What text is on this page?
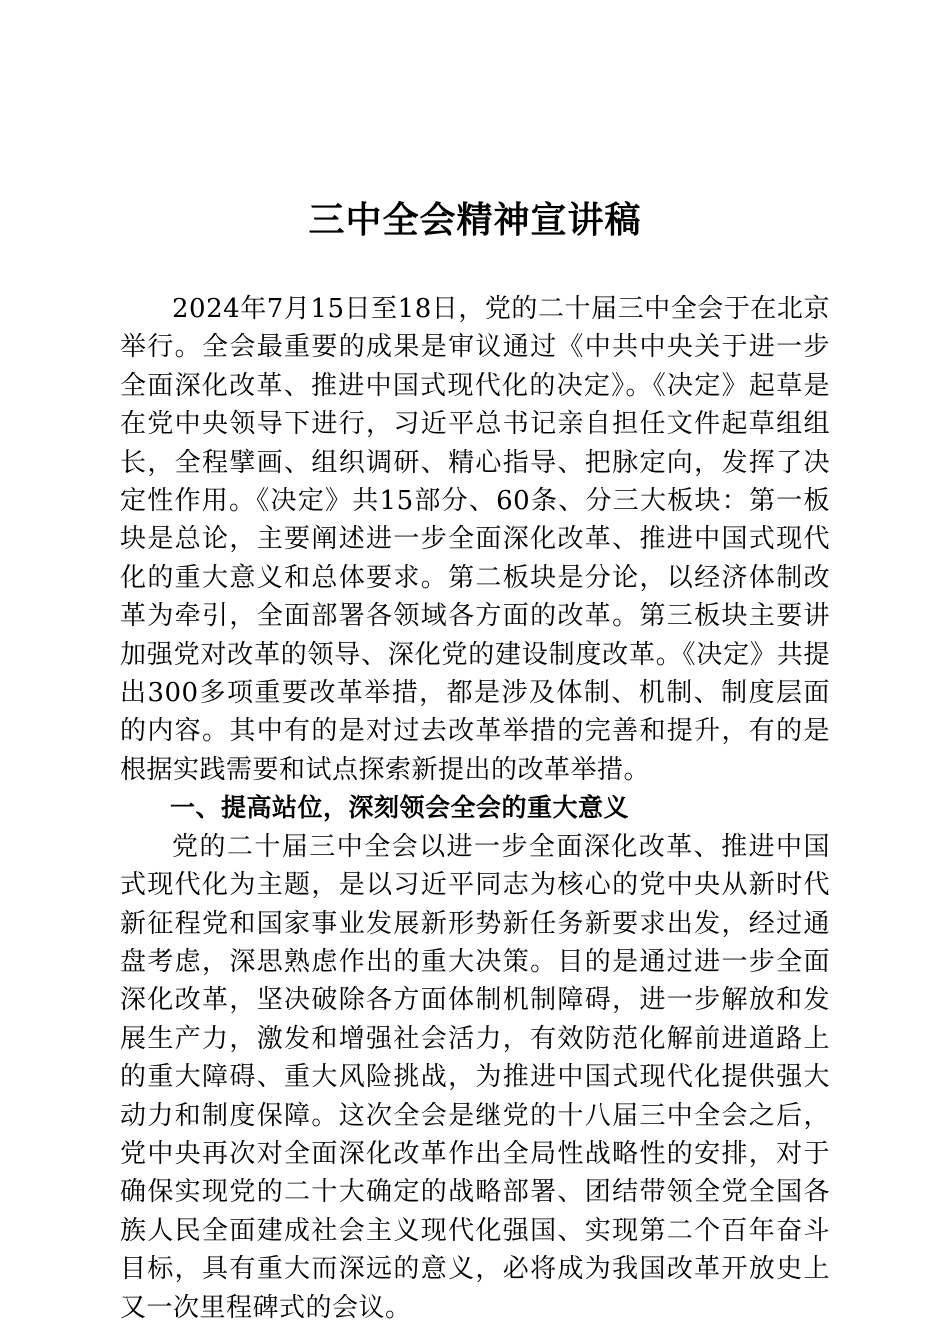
三中全会精神宣讲稿

2024年7月15日至18日，党的二十届三中全会于在北京举行。全会最重要的成果是审议通过《中共中央关于进一步全面深化改革、推进中国式现代化的决定》。《决定》起草是在党中央领导下进行，习近平总书记亲自担任文件起草组组长，全程擘画、组织调研、精心指导、把脉定向，发挥了决定性作用。《决定》共15部分、60条、分三大板块：第一板块是总论，主要阐述进一步全面深化改革、推进中国式现代化的重大意义和总体要求。第二板块是分论，以经济体制改革为牵引，全面部署各领域各方面的改革。第三板块主要讲加强党对改革的领导、深化党的建设制度改革。《决定》共提出300多项重要改革举措，都是涉及体制、机制、制度层面的内容。其中有的是对过去改革举措的完善和提升，有的是根据实践需要和试点探索新提出的改革举措。

一、提高站位，深刻领会全会的重大意义

党的二十届三中全会以进一步全面深化改革、推进中国式现代化为主题，是以习近平同志为核心的党中央从新时代新征程党和国家事业发展新形势新任务新要求出发，经过通盘考虑，深思熟虑作出的重大决策。目的是通过进一步全面深化改革，坚决破除各方面体制机制障碍，进一步解放和发展生产力，激发和增强社会活力，有效防范化解前进道路上的重大障碍、重大风险挑战，为推进中国式现代化提供强大动力和制度保障。这次全会是继党的十八届三中全会之后，党中央再次对全面深化改革作出全局性战略性的安排，对于确保实现党的二十大确定的战略部署、团结带领全党全国各族人民全面建成社会主义现代化强国、实现第二个百年奋斗目标，具有重大而深远的意义，必将成为我国改革开放史上又一次里程碑式的会议。
